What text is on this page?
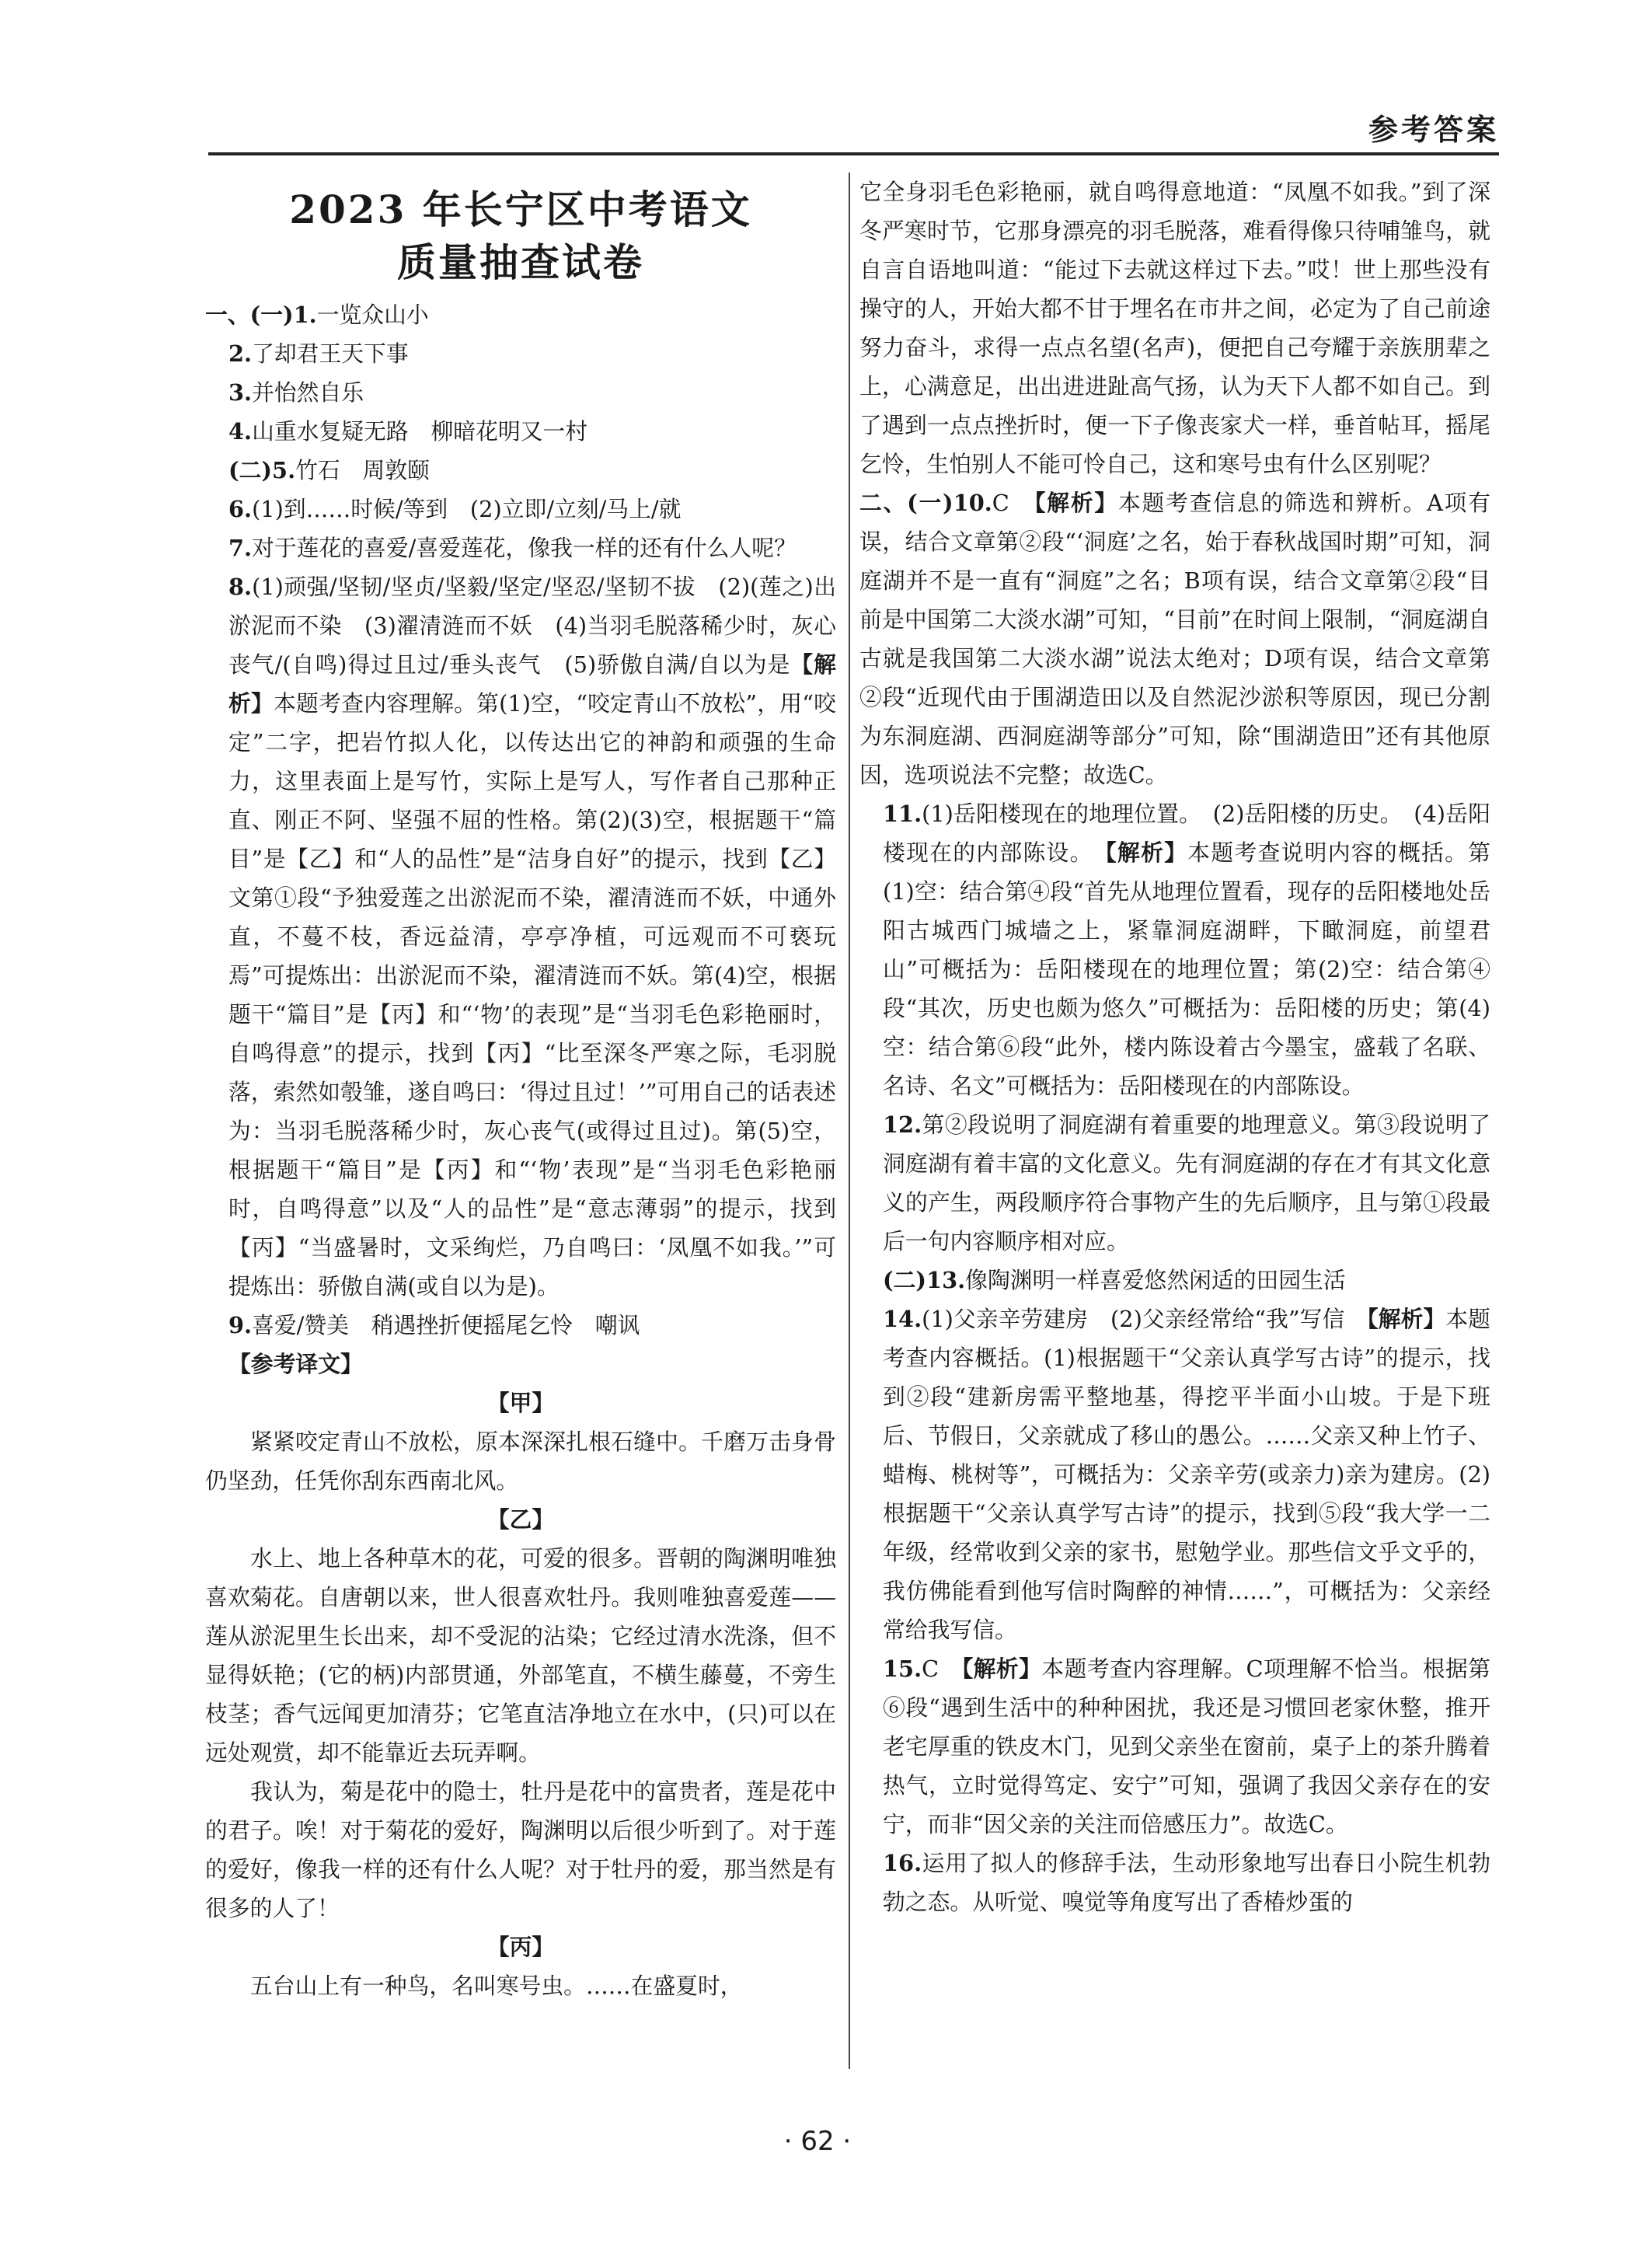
参考答案
2023 年长宁区中考语文
质量抽查试卷

一、(一)1.一览众山小

2.了却君王天下事

3.并怡然自乐

4.山重水复疑无路　柳暗花明又一村

(二)5.竹石　周敦颐

6.(1)到……时候/等到　(2)立即/立刻/马上/就

7.对于莲花的喜爱/喜爱莲花，像我一样的还有什么人呢？

8.(1)顽强/坚韧/坚贞/坚毅/坚定/坚忍/坚韧不拔　(2)(莲之)出淤泥而不染　(3)濯清涟而不妖　(4)当羽毛脱落稀少时，灰心丧气/(自鸣)得过且过/垂头丧气　(5)骄傲自满/自以为是【解析】本题考查内容理解。第(1)空，“咬定青山不放松”，用“咬定”二字，把岩竹拟人化，以传达出它的神韵和顽强的生命力，这里表面上是写竹，实际上是写人，写作者自己那种正直、刚正不阿、坚强不屈的性格。第(2)(3)空，根据题干“篇目”是【乙】和“人的品性”是“洁身自好”的提示，找到【乙】文第①段“予独爱莲之出淤泥而不染，濯清涟而不妖，中通外直，不蔓不枝，香远益清，亭亭净植，可远观而不可亵玩焉”可提炼出：出淤泥而不染，濯清涟而不妖。第(4)空，根据题干“篇目”是【丙】和“‘物’的表现”是“当羽毛色彩艳丽时，自鸣得意”的提示，找到【丙】“比至深冬严寒之际，毛羽脱落，索然如彀雏，遂自鸣曰：‘得过且过！’”可用自己的话表述为：当羽毛脱落稀少时，灰心丧气(或得过且过)。第(5)空，根据题干“篇目”是【丙】和“‘物’表现”是“当羽毛色彩艳丽时，自鸣得意”以及“人的品性”是“意志薄弱”的提示，找到【丙】“当盛暑时，文采绚烂，乃自鸣曰：‘凤凰不如我。’”可提炼出：骄傲自满(或自以为是)。

9.喜爱/赞美　稍遇挫折便摇尾乞怜　嘲讽

【参考译文】

【甲】

紧紧咬定青山不放松，原本深深扎根石缝中。千磨万击身骨仍坚劲，任凭你刮东西南北风。

【乙】

水上、地上各种草木的花，可爱的很多。晋朝的陶渊明唯独喜欢菊花。自唐朝以来，世人很喜欢牡丹。我则唯独喜爱莲——莲从淤泥里生长出来，却不受泥的沾染；它经过清水洗涤，但不显得妖艳；(它的柄)内部贯通，外部笔直，不横生藤蔓，不旁生枝茎；香气远闻更加清芬；它笔直洁净地立在水中，(只)可以在远处观赏，却不能靠近去玩弄啊。

我认为，菊是花中的隐士，牡丹是花中的富贵者，莲是花中的君子。唉！对于菊花的爱好，陶渊明以后很少听到了。对于莲的爱好，像我一样的还有什么人呢？对于牡丹的爱，那当然是有很多的人了！

【丙】

五台山上有一种鸟，名叫寒号虫。……在盛夏时，

它全身羽毛色彩艳丽，就自鸣得意地道：“凤凰不如我。”到了深冬严寒时节，它那身漂亮的羽毛脱落，难看得像只待哺雏鸟，就自言自语地叫道：“能过下去就这样过下去。”哎！世上那些没有操守的人，开始大都不甘于埋名在市井之间，必定为了自己前途努力奋斗，求得一点点名望(名声)，便把自己夸耀于亲族朋辈之上，心满意足，出出进进趾高气扬，认为天下人都不如自己。到了遇到一点点挫折时，便一下子像丧家犬一样，垂首帖耳，摇尾乞怜，生怕别人不能可怜自己，这和寒号虫有什么区别呢？

二、(一)10.C　 【解析】本题考查信息的筛选和辨析。A项有误，结合文章第②段“‘洞庭’之名，始于春秋战国时期”可知，洞庭湖并不是一直有“洞庭”之名；B项有误，结合文章第②段“目前是中国第二大淡水湖”可知，“目前”在时间上限制，“洞庭湖自古就是我国第二大淡水湖”说法太绝对；D项有误，结合文章第②段“近现代由于围湖造田以及自然泥沙淤积等原因，现已分割为东洞庭湖、西洞庭湖等部分”可知，除“围湖造田”还有其他原因，选项说法不完整；故选C。

11.(1)岳阳楼现在的地理位置。　(2)岳阳楼的历史。　(4)岳阳楼现在的内部陈设。　 【解析】本题考查说明内容的概括。第(1)空：结合第④段“首先从地理位置看，现存的岳阳楼地处岳阳古城西门城墙之上，紧靠洞庭湖畔，下瞰洞庭，前望君山”可概括为：岳阳楼现在的地理位置；第(2)空：结合第④段“其次，历史也颇为悠久”可概括为：岳阳楼的历史；第(4)空：结合第⑥段“此外，楼内陈设着古今墨宝，盛载了名联、名诗、名文”可概括为：岳阳楼现在的内部陈设。

12.第②段说明了洞庭湖有着重要的地理意义。第③段说明了洞庭湖有着丰富的文化意义。先有洞庭湖的存在才有其文化意义的产生，两段顺序符合事物产生的先后顺序，且与第①段最后一句内容顺序相对应。

(二)13.像陶渊明一样喜爱悠然闲适的田园生活

14.(1)父亲辛劳建房　(2)父亲经常给“我”写信　 【解析】本题考查内容概括。(1)根据题干“父亲认真学写古诗”的提示，找到②段“建新房需平整地基，得挖平半面小山坡。于是下班后、节假日，父亲就成了移山的愚公。……父亲又种上竹子、蜡梅、桃树等”，可概括为：父亲辛劳(或亲力)亲为建房。(2)根据题干“父亲认真学写古诗”的提示，找到⑤段“我大学一二年级，经常收到父亲的家书，慰勉学业。那些信文乎文乎的，我仿佛能看到他写信时陶醉的神情……”，可概括为：父亲经常给我写信。

15.C　 【解析】本题考查内容理解。C项理解不恰当。根据第⑥段“遇到生活中的种种困扰，我还是习惯回老家休整，推开老宅厚重的铁皮木门，见到父亲坐在窗前，桌子上的茶升腾着热气，立时觉得笃定、安宁”可知，强调了我因父亲存在的安宁，而非“因父亲的关注而倍感压力”。故选C。

16.运用了拟人的修辞手法，生动形象地写出春日小院生机勃勃之态。从听觉、嗅觉等角度写出了香椿炒蛋的

· 62 ·
